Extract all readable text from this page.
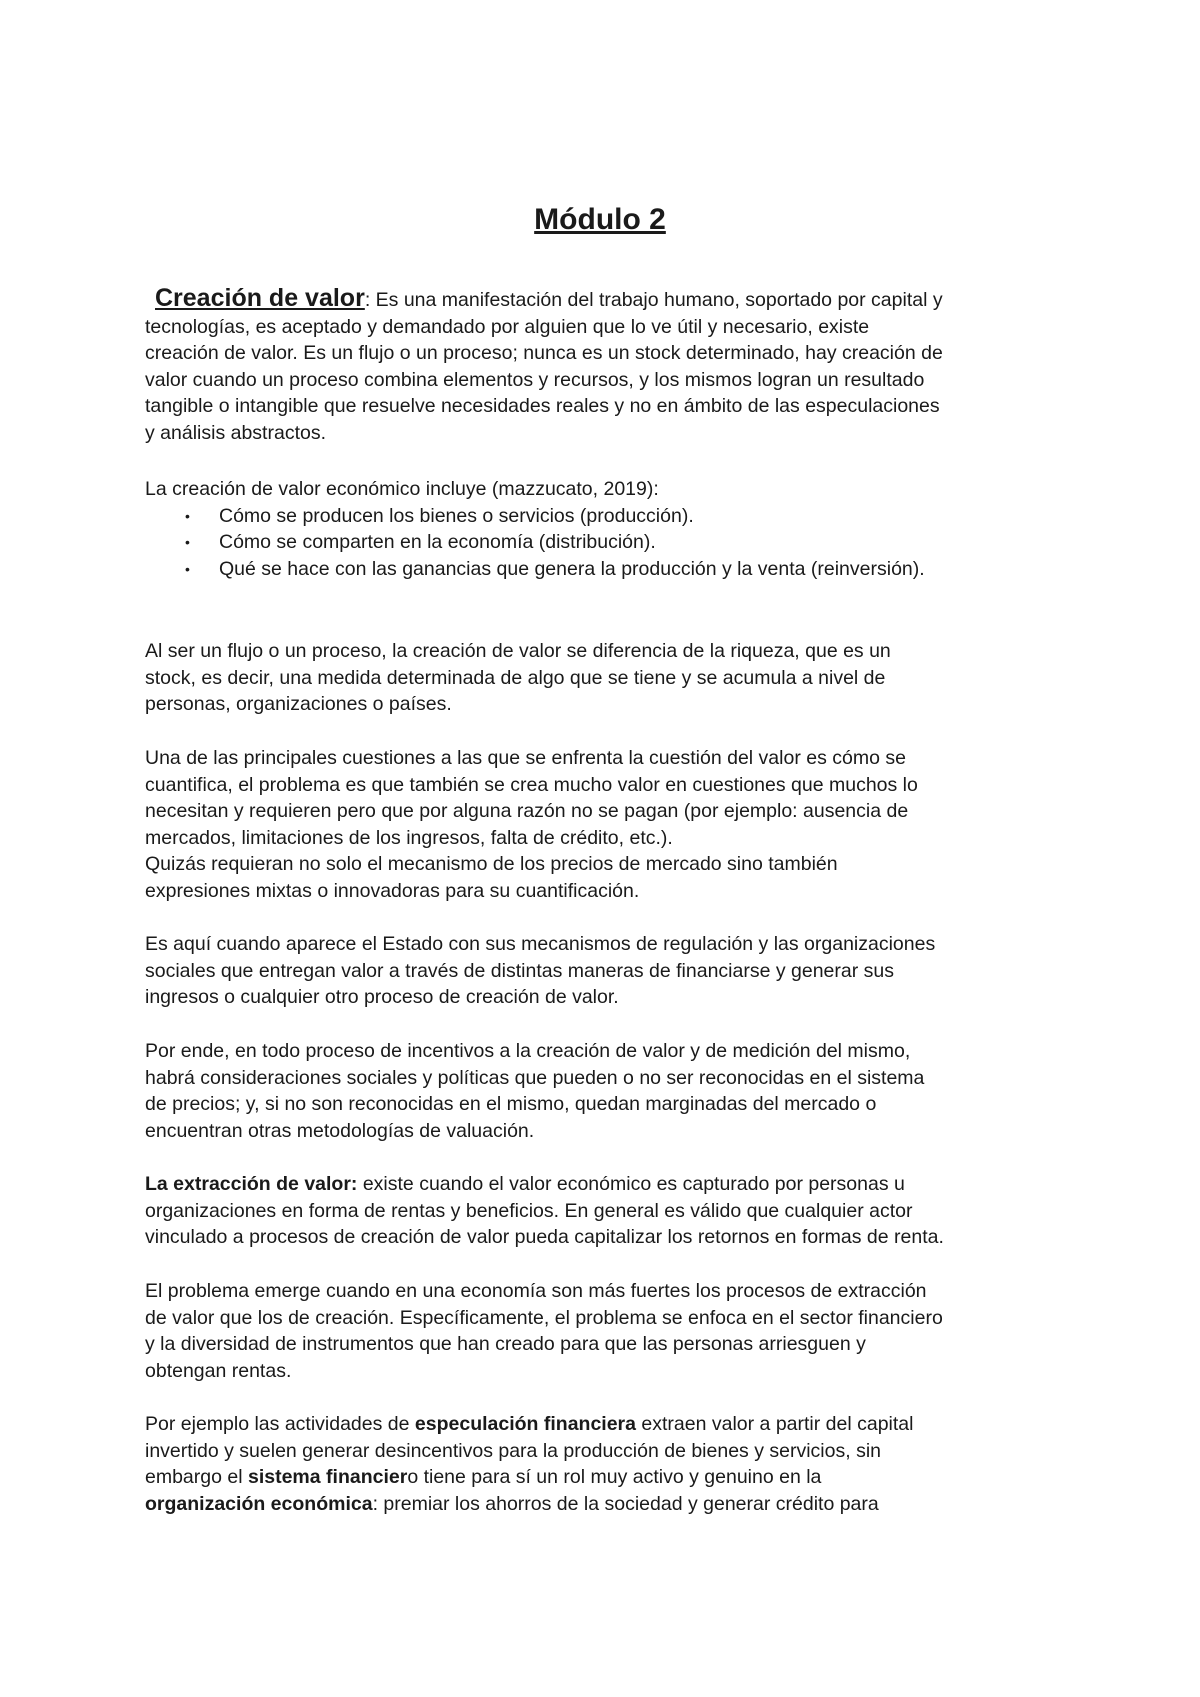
Módulo 2

Creación de valor: Es una manifestación del trabajo humano, soportado por capital y
tecnologías, es aceptado y demandado por alguien que lo ve útil y necesario, existe
creación de valor. Es un flujo o un proceso; nunca es un stock determinado, hay creación de
valor cuando un proceso combina elementos y recursos, y los mismos logran un resultado
tangible o intangible que resuelve necesidades reales y no en ámbito de las especulaciones
y análisis abstractos.

La creación de valor económico incluye (mazzucato, 2019):

• Cómo se producen los bienes o servicios (producción).
• Cómo se comparten en la economía (distribución).
• Qué se hace con las ganancias que genera la producción y la venta (reinversión).

Al ser un flujo o un proceso, la creación de valor se diferencia de la riqueza, que es un
stock, es decir, una medida determinada de algo que se tiene y se acumula a nivel de
personas, organizaciones o países.

Una de las principales cuestiones a las que se enfrenta la cuestión del valor es cómo se
cuantifica, el problema es que también se crea mucho valor en cuestiones que muchos lo
necesitan y requieren pero que por alguna razón no se pagan (por ejemplo: ausencia de
mercados, limitaciones de los ingresos, falta de crédito, etc.).
Quizás requieran no solo el mecanismo de los precios de mercado sino también
expresiones mixtas o innovadoras para su cuantificación.

Es aquí cuando aparece el Estado con sus mecanismos de regulación y las organizaciones
sociales que entregan valor a través de distintas maneras de financiarse y generar sus
ingresos o cualquier otro proceso de creación de valor.

Por ende, en todo proceso de incentivos a la creación de valor y de medición del mismo,
habrá consideraciones sociales y políticas que pueden o no ser reconocidas en el sistema
de precios; y, si no son reconocidas en el mismo, quedan marginadas del mercado o
encuentran otras metodologías de valuación.

La extracción de valor: existe cuando el valor económico es capturado por personas u
organizaciones en forma de rentas y beneficios. En general es válido que cualquier actor
vinculado a procesos de creación de valor pueda capitalizar los retornos en formas de renta.

El problema emerge cuando en una economía son más fuertes los procesos de extracción
de valor que los de creación. Específicamente, el problema se enfoca en el sector financiero
y la diversidad de instrumentos que han creado para que las personas arriesguen y
obtengan rentas.

Por ejemplo las actividades de especulación financiera extraen valor a partir del capital
invertido y suelen generar desincentivos para la producción de bienes y servicios, sin
embargo el sistema financiero tiene para sí un rol muy activo y genuino en la
organización económica: premiar los ahorros de la sociedad y generar crédito para
